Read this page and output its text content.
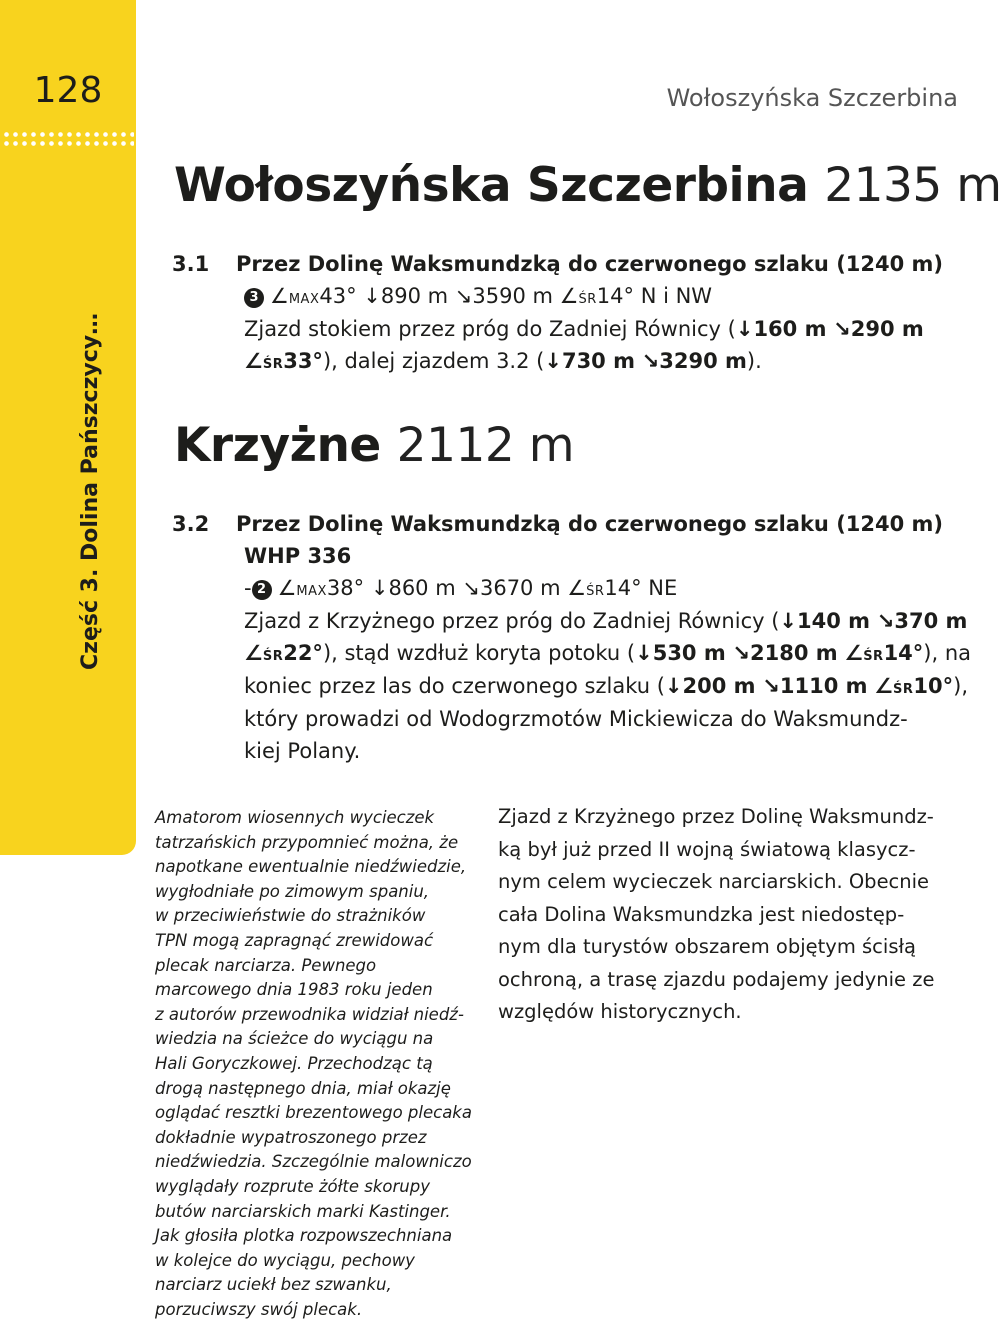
128
Część 3. Dolina Pańszczycy…
Wołoszyńska Szczerbina
Wołoszyńska Szczerbina 2135 m
3.1 Przez Dolinę Waksmundzką do czerwonego szlaku (1240 m)
3 ∠max43° ↓890 m ↘3590 m ∠śr14° N i NW
Zjazd stokiem przez próg do Zadniej Równicy (↓160 m ↘290 m
∠śr33°), dalej zjazdem 3.2 (↓730 m ↘3290 m).
Krzyżne 2112 m
3.2 Przez Dolinę Waksmundzką do czerwonego szlaku (1240 m)
WHP 336
- 2 ∠max38° ↓860 m ↘3670 m ∠śr14° NE
Zjazd z Krzyżnego przez próg do Zadniej Równicy (↓140 m ↘370 m
∠śr22°), stąd wzdłuż koryta potoku (↓530 m ↘2180 m ∠śr14°), na
koniec przez las do czerwonego szlaku (↓200 m ↘1110 m ∠śr10°),
który prowadzi od Wodogrzmotów Mickiewicza do Waksmundz-
kiej Polany.
Amatorom wiosennych wycieczek
tatrzańskich przypomnieć można, że
napotkane ewentualnie niedźwiedzie,
wygłodniałe po zimowym spaniu,
w przeciwieństwie do strażników
TPN mogą zapragnąć zrewidować
plecak narciarza. Pewnego
marcowego dnia 1983 roku jeden
z autorów przewodnika widział niedź-
wiedzia na ścieżce do wyciągu na
Hali Goryczkowej. Przechodząc tą
drogą następnego dnia, miał okazję
oglądać resztki brezentowego plecaka
dokładnie wypatroszonego przez
niedźwiedzia. Szczególnie malowniczo
wyglądały rozprute żółte skorupy
butów narciarskich marki Kastinger.
Jak głosiła plotka rozpowszechniana
w kolejce do wyciągu, pechowy
narciarz uciekł bez szwanku,
porzuciwszy swój plecak.
Zjazd z Krzyżnego przez Dolinę Waksmundz-
ką był już przed II wojną światową klasycz-
nym celem wycieczek narciarskich. Obecnie
cała Dolina Waksmundzka jest niedostęp-
nym dla turystów obszarem objętym ścisłą
ochroną, a trasę zjazdu podajemy jedynie ze
względów historycznych.
